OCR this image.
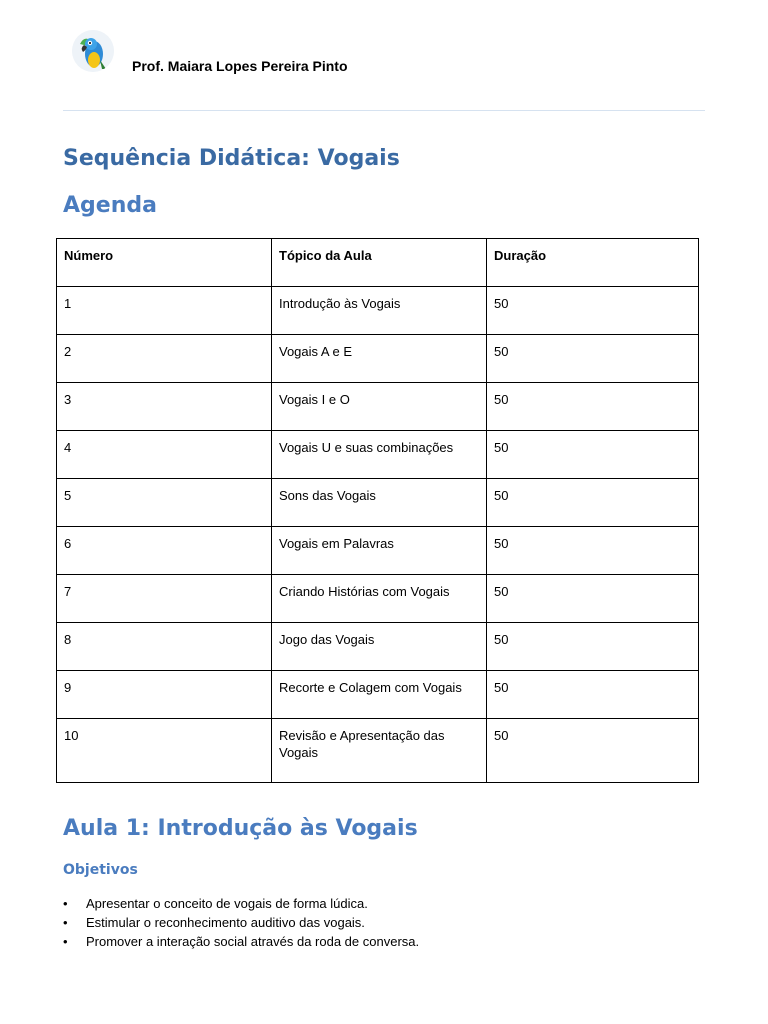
Prof. Maiara Lopes Pereira Pinto
Sequência Didática: Vogais
Agenda
Número	Tópico da Aula	Duração
1	Introdução às Vogais	50
2	Vogais A e E	50
3	Vogais I e O	50
4	Vogais U e suas combinações	50
5	Sons das Vogais	50
6	Vogais em Palavras	50
7	Criando Histórias com Vogais	50
8	Jogo das Vogais	50
9	Recorte e Colagem com Vogais	50
10	Revisão e Apresentação das Vogais	50
Aula 1: Introdução às Vogais
Objetivos
• Apresentar o conceito de vogais de forma lúdica.
• Estimular o reconhecimento auditivo das vogais.
• Promover a interação social através da roda de conversa.
